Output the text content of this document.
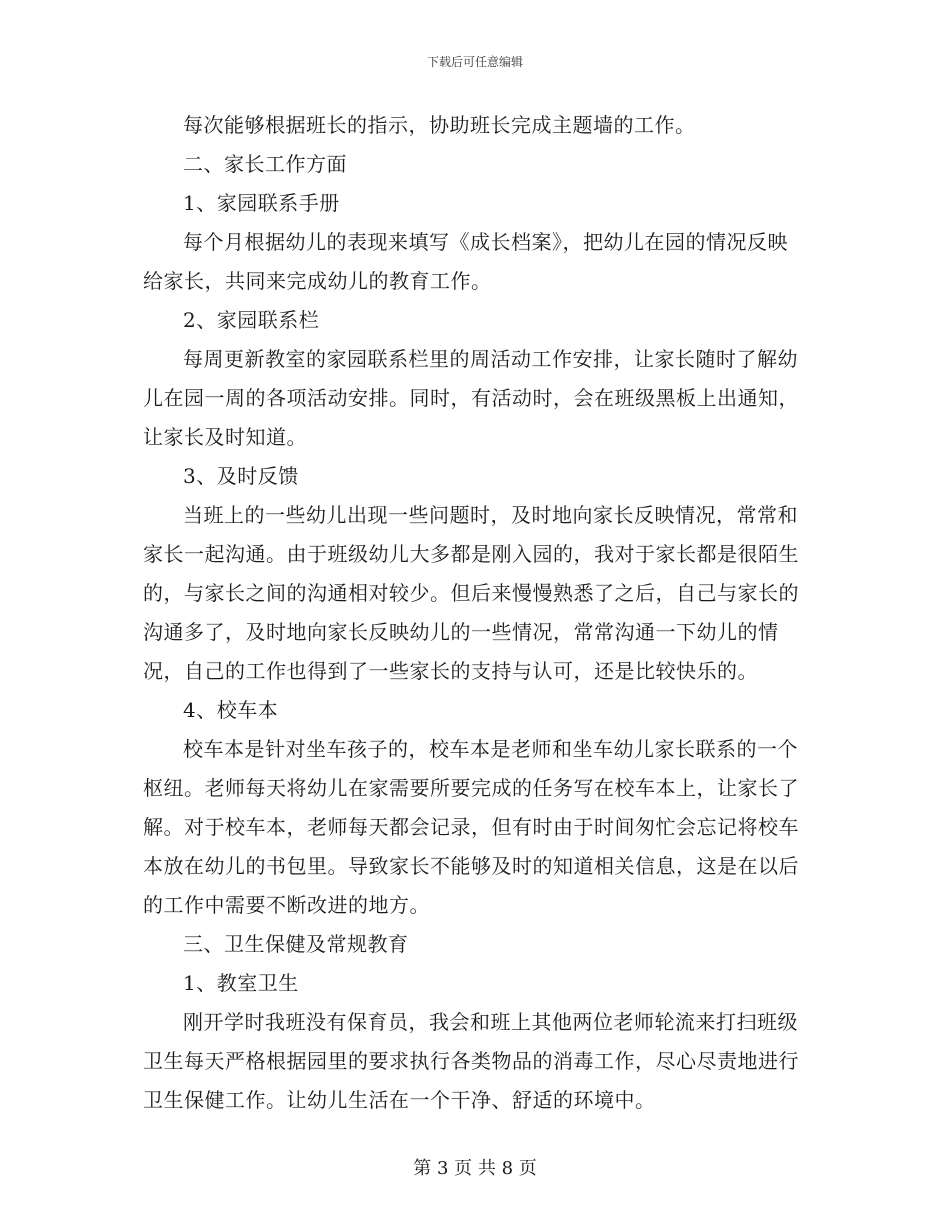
下载后可任意编辑

每次能够根据班长的指示，协助班长完成主题墙的工作。

二、家长工作方面

1、家园联系手册

每个月根据幼儿的表现来填写《成长档案》，把幼儿在园的情况反映给家长，共同来完成幼儿的教育工作。

2、家园联系栏

每周更新教室的家园联系栏里的周活动工作安排，让家长随时了解幼儿在园一周的各项活动安排。同时，有活动时，会在班级黑板上出通知，让家长及时知道。

3、及时反馈

当班上的一些幼儿出现一些问题时，及时地向家长反映情况，常常和家长一起沟通。由于班级幼儿大多都是刚入园的，我对于家长都是很陌生的，与家长之间的沟通相对较少。但后来慢慢熟悉了之后，自己与家长的沟通多了，及时地向家长反映幼儿的一些情况，常常沟通一下幼儿的情况，自己的工作也得到了一些家长的支持与认可，还是比较快乐的。

4、校车本

校车本是针对坐车孩子的，校车本是老师和坐车幼儿家长联系的一个枢纽。老师每天将幼儿在家需要所要完成的任务写在校车本上，让家长了解。对于校车本，老师每天都会记录，但有时由于时间匆忙会忘记将校车本放在幼儿的书包里。导致家长不能够及时的知道相关信息，这是在以后的工作中需要不断改进的地方。

三、卫生保健及常规教育

1、教室卫生

刚开学时我班没有保育员，我会和班上其他两位老师轮流来打扫班级卫生每天严格根据园里的要求执行各类物品的消毒工作，尽心尽责地进行卫生保健工作。让幼儿生活在一个干净、舒适的环境中。

第 3 页 共 8 页
